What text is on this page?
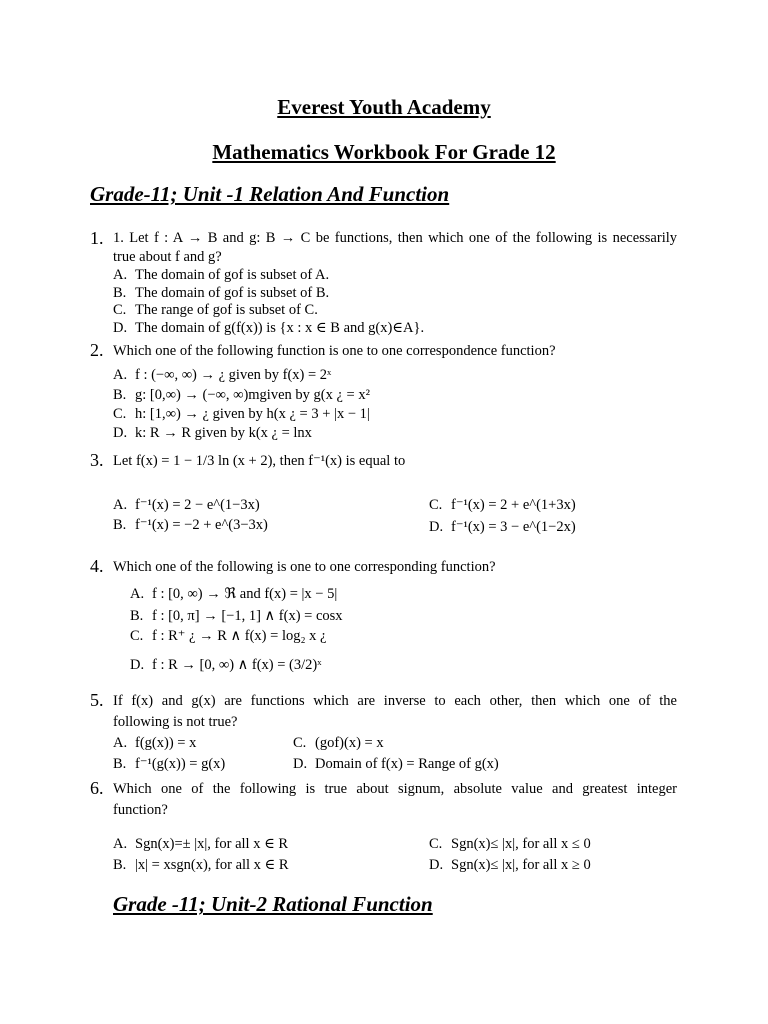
Everest Youth Academy
Mathematics Workbook For Grade 12
Grade-11; Unit -1 Relation And Function
1. 1. Let f : A → B and g: B → C be functions, then which one of the following is necessarily
true about f and g?
A. The domain of gof is subset of A.
B. The domain of gof is subset of B.
C. The range of gof is subset of C.
D. The domain of g(f(x)) is {x : x ∈ B and g(x)∈A}.
2. Which one of the following function is one to one correspondence function?
A. f : (−∞, ∞) → ¿ given by f(x) = 2ˣ
B. g: [0,∞) → (−∞, ∞)mgiven by g(x ¿ = x²
C. h: [1,∞) → ¿ given by h(x ¿ = 3 + |x − 1|
D. k: R → R given by k(x ¿ = lnx
3. Let f(x) = 1 − 1/3 ln (x + 2), then f⁻¹(x) is equal to
A. f⁻¹(x) = 2 − e^(1−3x)
B. f⁻¹(x) = −2 + e^(3−3x)
C. f⁻¹(x) = 2 + e^(1+3x)
D. f⁻¹(x) = 3 − e^(1−2x)
4. Which one of the following is one to one corresponding function?
A. f : [0, ∞) → ℜ and f(x) = |x − 5|
B. f : [0, π] → [−1, 1] ∧ f(x) = cosx
C. f : R⁺ ¿ → R ∧ f(x) = log₂ x ¿
D. f : R → [0, ∞) ∧ f(x) = (3/2)ˣ
5. If f(x) and g(x) are functions which are inverse to each other, then which one of the
following is not true?
A. f(g(x)) = x
B. f⁻¹(g(x)) = g(x)
C. (gof)(x) = x
D. Domain of f(x) = Range of g(x)
6. Which one of the following is true about signum, absolute value and greatest integer
function?
A. Sgn(x)=± |x|, for all x ∈ R
B. |x| = xsgn(x), for all x ∈ R
C. Sgn(x)≤ |x|, for all x ≤ 0
D. Sgn(x)≤ |x|, for all x ≥ 0
Grade -11; Unit-2 Rational Function
